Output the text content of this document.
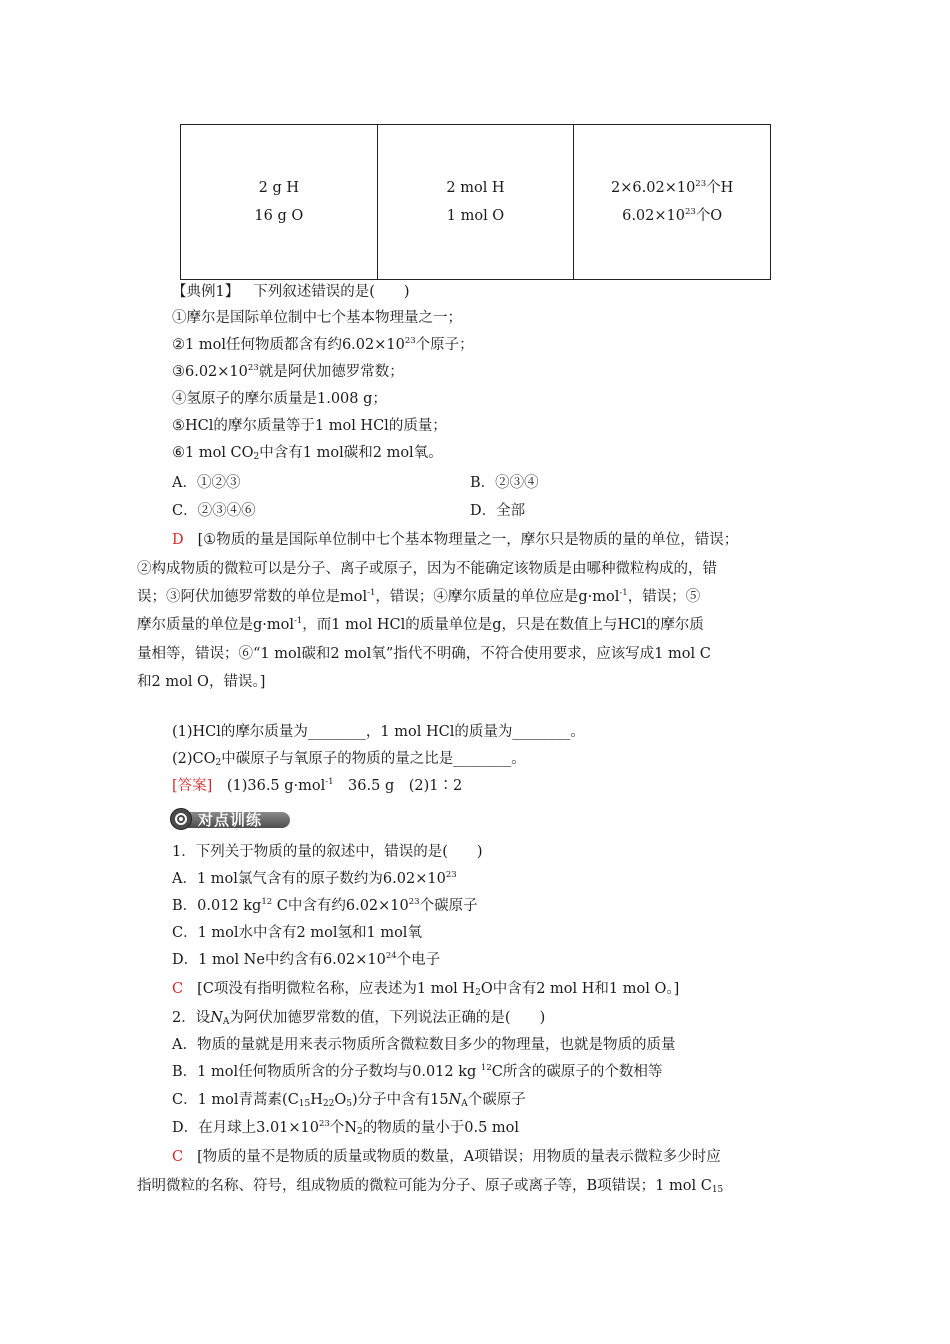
2 g H
16 g O

2 mol H
1 mol O

$2\times 6.02\times 10^{23}$个H
$6.02\times 10^{23}$个O
【典例1】 下列叙述错误的是(　　)
①摩尔是国际单位制中七个基本物理量之一；
②1 mol任何物质都含有约$6.02\times 10^{23}$个原子；
$③6.02\times 10^{23}$就是阿伏加德罗常数；
④氢原子的摩尔质量是1.008 g；
⑤HCl的摩尔质量等于1 mol HCl的质量；
⑥1 mol $CO_2$中含有1 mol碳和2 mol氧。
A．①②③	B．②③④
C．②③④⑥	D．全部
D [①物质的量是国际单位制中七个基本物理量之一，摩尔只是物质的量的单位，错误；
②构成物质的微粒可以是分子、离子或原子，因为不能确定该物质是由哪种微粒构成的，错
误；③阿伏加德罗常数的单位是mol$^{-1}$，错误；④摩尔质量的单位应是g·mol$^{-1}$，错误；⑤
摩尔质量的单位是g·mol$^{-1}$，而1 mol HCl的质量单位是g，只是在数值上与HCl的摩尔质
量相等，错误；⑥“1 mol碳和2 mol氧”指代不明确，不符合使用要求，应该写成1 mol C
和2 mol O，错误。]
(1)HCl的摩尔质量为________，1 mol HCl的质量为________。
$(2)CO_2$中碳原子与氧原子的物质的量之比是________。
[答案]　(1)36.5 g·mol$^{-1}$　36.5 g　(2)1∶2
对点训练
1．下列关于物质的量的叙述中，错误的是(　　)
A．1 mol氯气含有的原子数约为$6.02\times 10^{23}$
B．0.012 $kg^{12}$ C中含有约$6.02\times 10^{23}$个碳原子
C．1 mol水中含有2 mol氢和1 mol氧
D．1 mol Ne中约含有$6.02\times 10^{24}$个电子
C [C项没有指明微粒名称，应表述为1 mol $H_2O$中含有2 mol H和1 mol O。]
2．设$N_A$为阿伏加德罗常数的值，下列说法正确的是(　　)
A．物质的量就是用来表示物质所含微粒数目多少的物理量，也就是物质的质量
B．1 mol任何物质所含的分子数均与0.012 kg $^{12}$C所含的碳原子的个数相等
C．1 mol青蒿素$(C_{15}H_{22}O_5)$分子中含有$15N_A$个碳原子
D．在月球上$3.01\times 10^{23}$个$N_2$的物质的量小于0.5 mol
C [物质的量不是物质的质量或物质的数量，A项错误；用物质的量表示微粒多少时应
指明微粒的名称、符号，组成物质的微粒可能为分子、原子或离子等，B项错误；1 mol $C_{15}$
